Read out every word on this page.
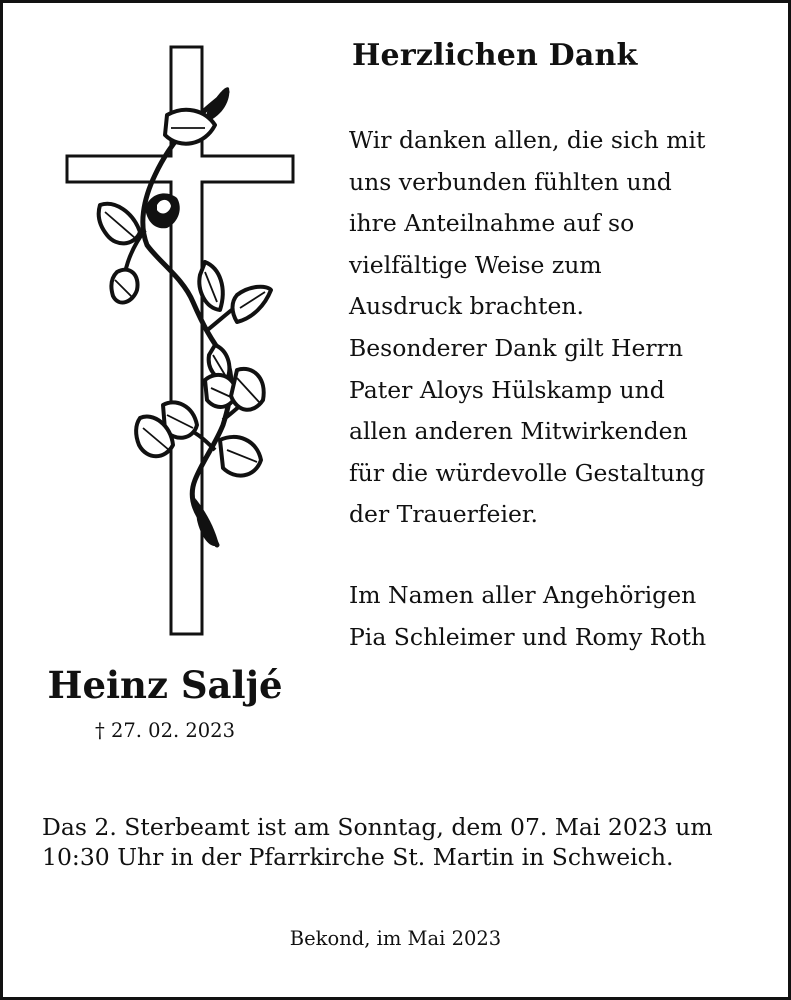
Herzlichen Dank
Wir danken allen, die sich mit
uns verbunden fühlten und
ihre Anteilnahme auf so
vielfältige Weise zum
Ausdruck brachten.
Besonderer Dank gilt Herrn
Pater Aloys Hülskamp und
allen anderen Mitwirkenden
für die würdevolle Gestaltung
der Trauerfeier.
Im Namen aller Angehörigen
Pia Schleimer und Romy Roth
Heinz Saljé
† 27. 02. 2023
Das 2. Sterbeamt ist am Sonntag, dem 07. Mai 2023 um
10:30 Uhr in der Pfarrkirche St. Martin in Schweich.
Bekond, im Mai 2023
